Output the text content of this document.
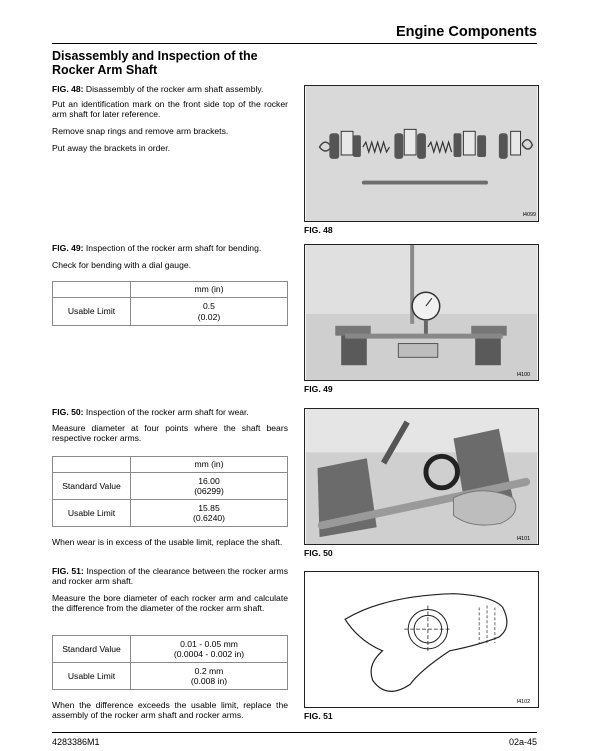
Engine Components
Disassembly and Inspection of the Rocker Arm Shaft
FIG. 48: Disassembly of the rocker arm shaft assembly.
Put an identification mark on the front side top of the rocker arm shaft for later reference.
Remove snap rings and remove arm brackets.
Put away the brackets in order.
FIG. 49: Inspection of the rocker arm shaft for bending.
Check for bending with a dial gauge.
	mm (in)
Usable Limit	0.5
(0.02)
FIG. 50: Inspection of the rocker arm shaft for wear.
Measure diameter at four points where the shaft bears respective rocker arms.
	mm (in)
Standard Value	16.00
(06299)

Usable Limit	15.85
(0.6240)
When wear is in excess of the usable limit, replace the shaft.
FIG. 51: Inspection of the clearance between the rocker arms and rocker arm shaft.
Measure the bore diameter of each rocker arm and calculate the difference from the diameter of the rocker arm shaft.
Standard Value	0.01 - 0.05 mm
(0.0004 - 0.002 in)

Usable Limit	0.2 mm
(0.008 in)
When the difference exceeds the usable limit, replace the assembly of the rocker arm shaft and rocker arms.
I4099
FIG. 48
I4100
FIG. 49
I4101
FIG. 50
I4102
FIG. 51
4283386M1	02a-45
